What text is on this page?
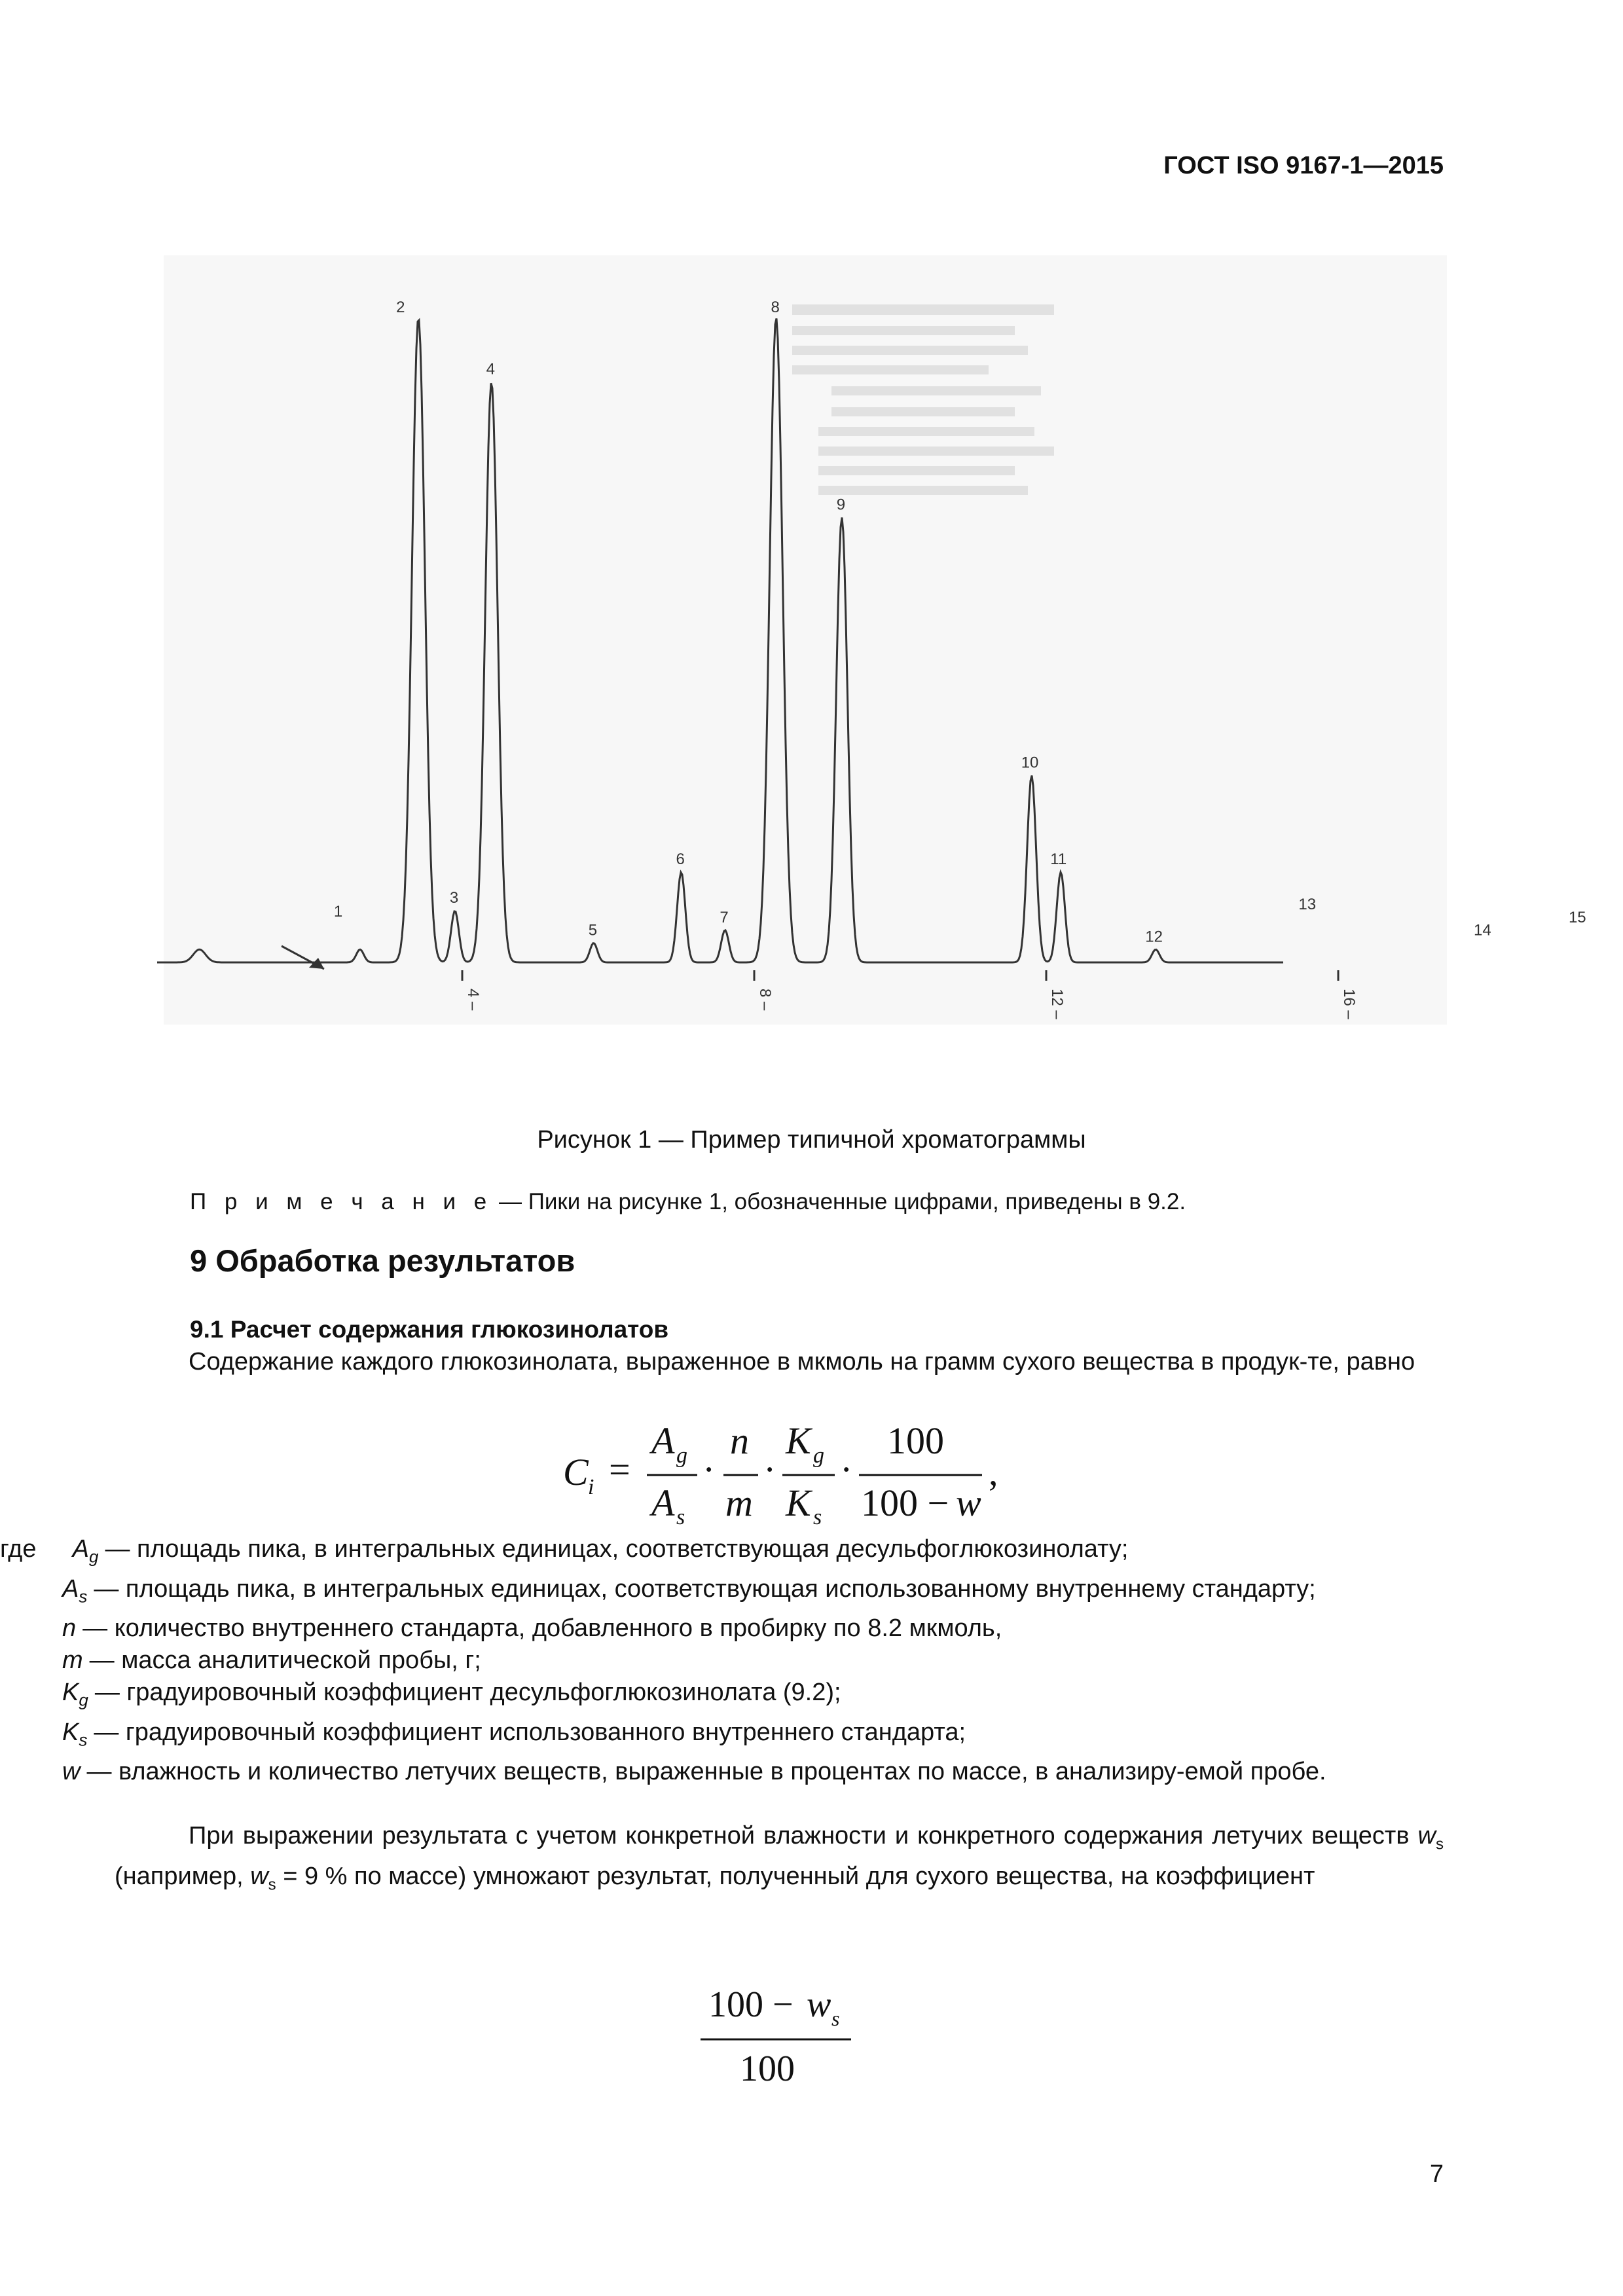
ГОСТ ISO 9167-1—2015
1
2
3
4
5
6
7
8
9
10
11
12
13
14
15
4 –	8 –	12 –	16 –
Рисунок 1 — Пример типичной хроматограммы
П р и м е ч а н и е — Пики на рисунке 1, обозначенные цифрами, приведены в 9.2.
9 Обработка результатов
9.1 Расчет содержания глюкозинолатов
Содержание каждого глюкозинолата, выраженное в мкмоль на грамм сухого вещества в продук-те, равно
C i =
A g
A s
·
n
m
·
K g
K s
·
100
100 − w
,
где $A_g$ — площадь пика, в интегральных единицах, соответствующая десульфоглюкозинолату;
$A_s$ — площадь пика, в интегральных единицах, соответствующая использованному внутреннему стандарту;
n — количество внутреннего стандарта, добавленного в пробирку по 8.2 мкмоль,
m — масса аналитической пробы, г;
$K_g$ — градуировочный коэффициент десульфоглюкозинолата (9.2);
$K_s$ — градуировочный коэффициент использованного внутреннего стандарта;
w — влажность и количество летучих веществ, выраженные в процентах по массе, в анализиру-емой пробе.
При выражении результата с учетом конкретной влажности и конкретного содержания летучих веществ $w_s$ (например, $w_s = 9$ % по массе) умножают результат, полученный для сухого вещества, на коэффициент
100 − w s
100
7
